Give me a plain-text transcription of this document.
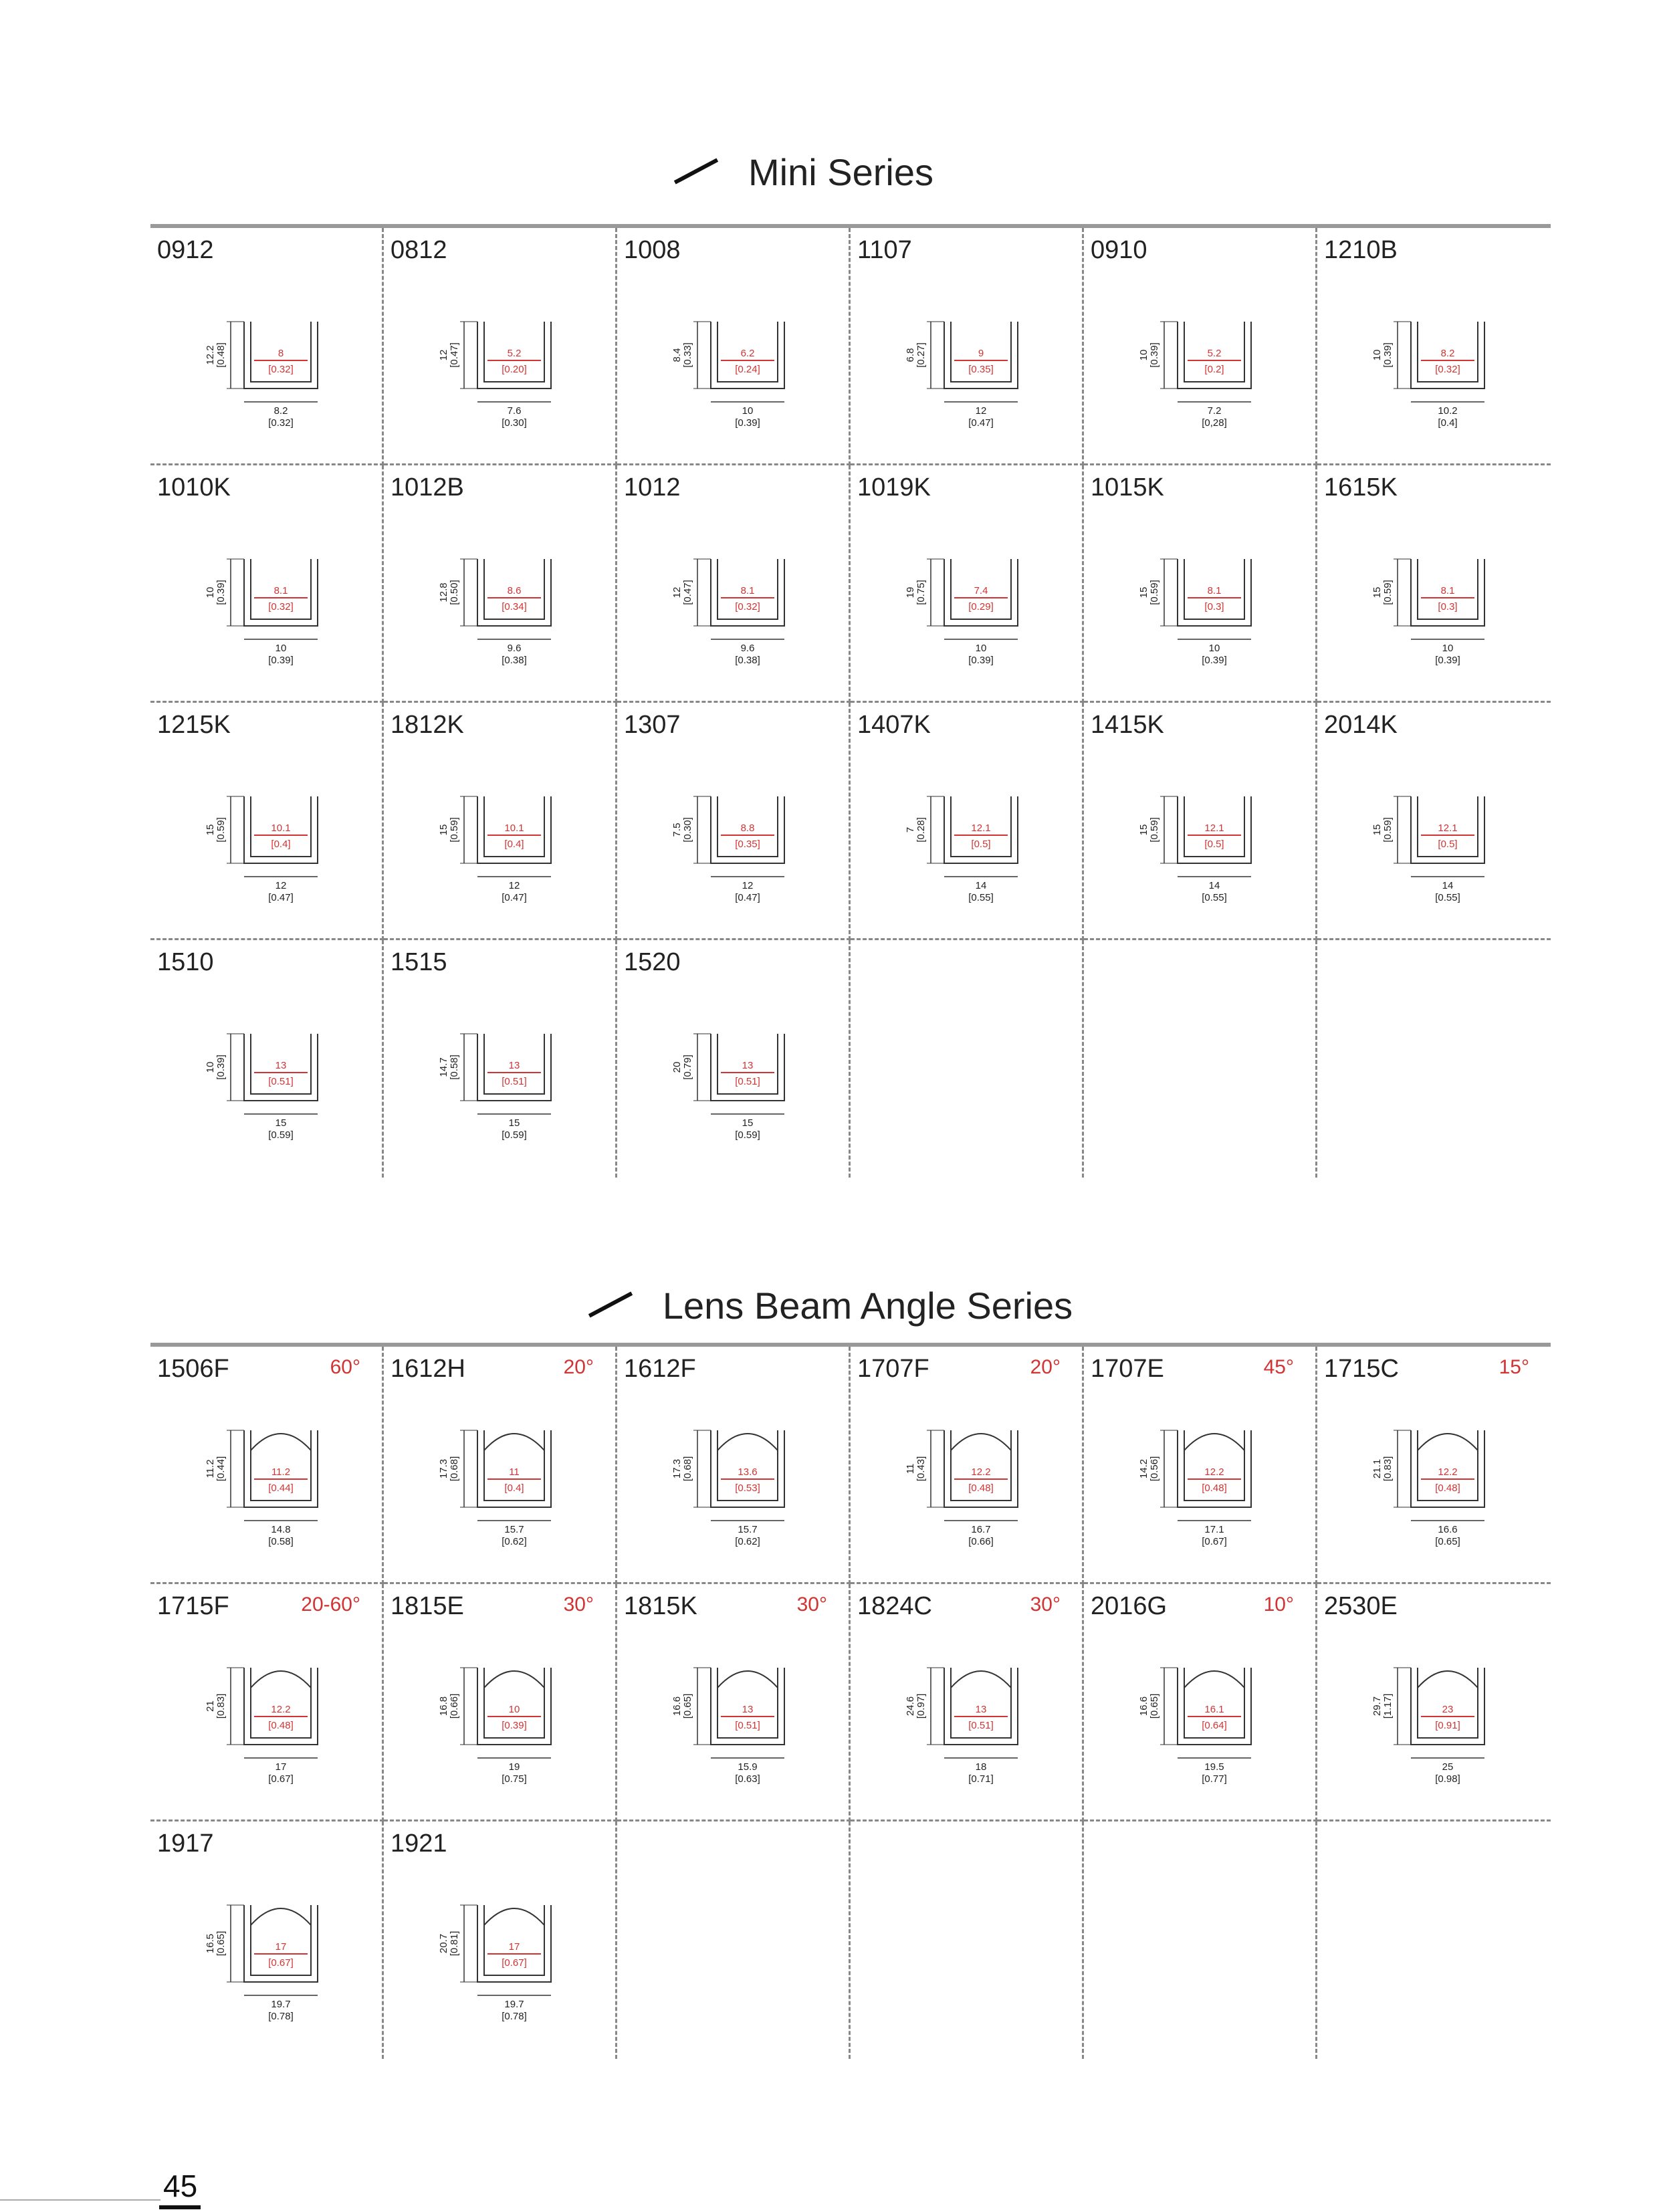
Mini Series
0912
12.2 [0.48]
8.2
[0.32]
8
[0.32]
0812
12 [0.47]
7.6
[0.30]
5.2
[0.20]
1008
8.4 [0.33]
10
[0.39]
6.2
[0.24]
1107
6.8 [0.27]
12
[0.47]
9
[0.35]
0910
10 [0.39]
7.2
[0,28]
5.2
[0.2]
1210B
10 [0.39]
10.2
[0.4]
8.2
[0.32]
1010K
10 [0.39]
10
[0.39]
8.1
[0.32]
1012B
12.8 [0.50]
9.6
[0.38]
8.6
[0.34]
1012
12 [0.47]
9.6
[0.38]
8.1
[0.32]
1019K
19 [0.75]
10
[0.39]
7.4
[0.29]
1015K
15 [0.59]
10
[0.39]
8.1
[0.3]
1615K
15 [0.59]
10
[0.39]
8.1
[0.3]
1215K
15 [0.59]
12
[0.47]
10.1
[0.4]
1812K
15 [0.59]
12
[0.47]
10.1
[0.4]
1307
7.5 [0.30]
12
[0.47]
8.8
[0.35]
1407K
7 [0.28]
14
[0.55]
12.1
[0.5]
1415K
15 [0.59]
14
[0.55]
12.1
[0.5]
2014K
15 [0.59]
14
[0.55]
12.1
[0.5]
1510
10 [0.39]
15
[0.59]
13
[0.51]
1515
14.7 [0.58]
15
[0.59]
13
[0.51]
1520
20 [0.79]
15
[0.59]
13
[0.51]
Lens Beam Angle Series
1506F	60°
11.2 [0.44]
14.8
[0.58]
11.2
[0.44]
1612H	20°
17.3 [0.68]
15.7
[0.62]
11
[0.4]
1612F
17.3 [0.68]
15.7
[0.62]
13.6
[0.53]
1707F	20°
11 [0.43]
16.7
[0.66]
12.2
[0.48]
1707E	45°
14.2 [0.56]
17.1
[0.67]
12.2
[0.48]
1715C	15°
21.1 [0.83]
16.6
[0.65]
12.2
[0.48]
1715F	20-60°
21 [0.83]
17
[0.67]
12.2
[0.48]
1815E	30°
16.8 [0.66]
19
[0.75]
10
[0.39]
1815K	30°
16.6 [0.65]
15.9
[0.63]
13
[0.51]
1824C	30°
24.6 [0.97]
18
[0.71]
13
[0.51]
2016G	10°
16.6 [0.65]
19.5
[0.77]
16.1
[0.64]
2530E
29.7 [1.17]
25
[0.98]
23
[0.91]
1917
16.5 [0.65]
19.7
[0.78]
17
[0.67]
1921
20.7 [0.81]
19.7
[0.78]
17
[0.67]
45
